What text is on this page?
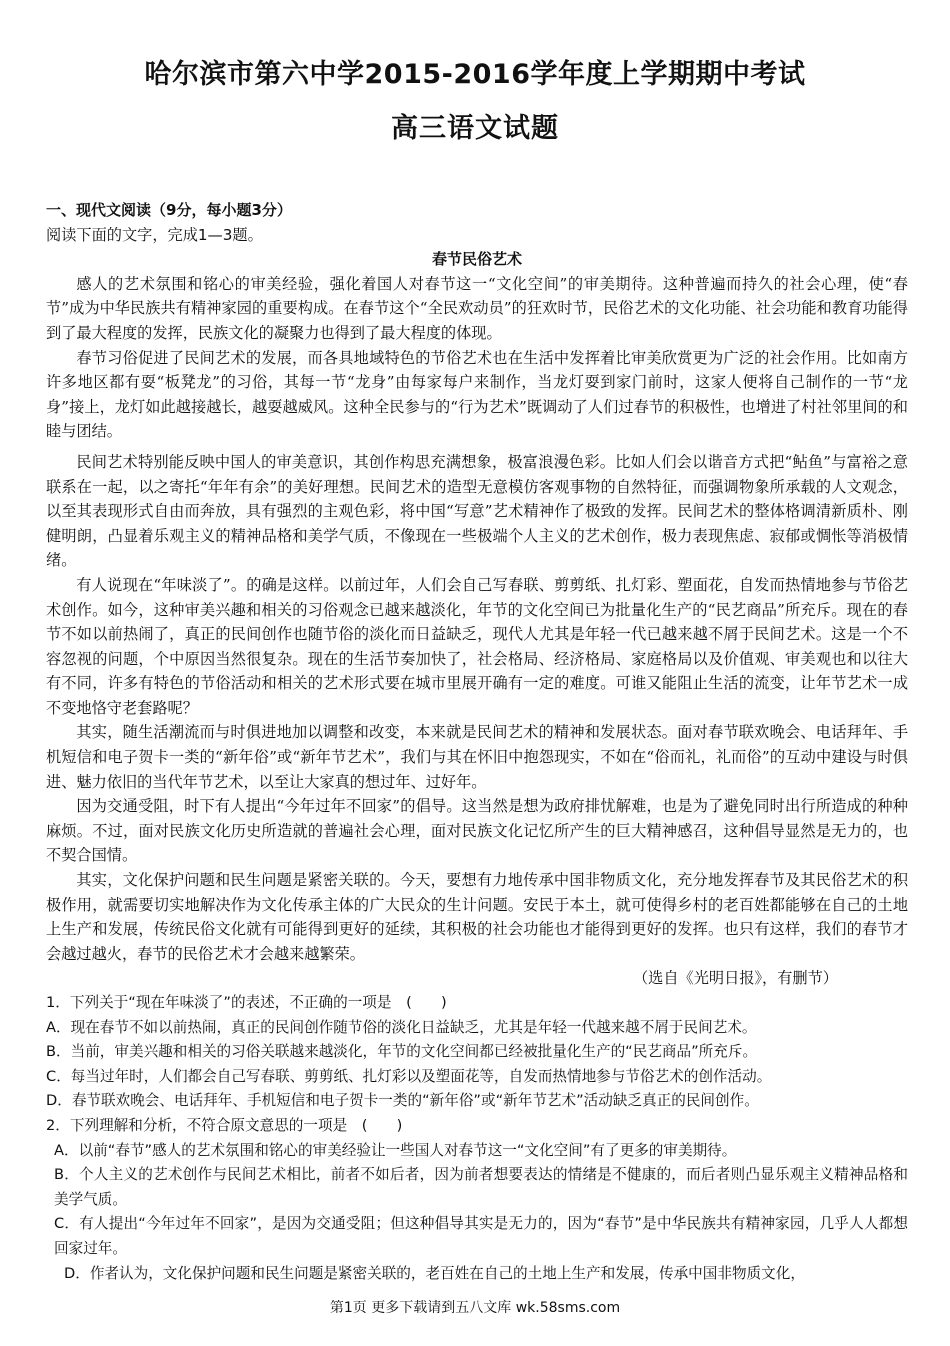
哈尔滨市第六中学2015-2016学年度上学期期中考试
高三语文试题

一、现代文阅读（9分，每小题3分）

阅读下面的文字，完成1—3题。

春节民俗艺术

感人的艺术氛围和铭心的审美经验，强化着国人对春节这一“文化空间”的审美期待。这种普遍而持久的社会心理，使“春节”成为中华民族共有精神家园的重要构成。在春节这个“全民欢动员”的狂欢时节，民俗艺术的文化功能、社会功能和教育功能得到了最大程度的发挥，民族文化的凝聚力也得到了最大程度的体现。

春节习俗促进了民间艺术的发展，而各具地域特色的节俗艺术也在生活中发挥着比审美欣赏更为广泛的社会作用。比如南方许多地区都有耍“板凳龙”的习俗，其每一节“龙身”由每家每户来制作，当龙灯耍到家门前时，这家人便将自己制作的一节“龙身”接上，龙灯如此越接越长，越耍越威风。这种全民参与的“行为艺术”既调动了人们过春节的积极性，也增进了村社邻里间的和睦与团结。

民间艺术特别能反映中国人的审美意识，其创作构思充满想象，极富浪漫色彩。比如人们会以谐音方式把“鲇鱼”与富裕之意联系在一起，以之寄托“年年有余”的美好理想。民间艺术的造型无意模仿客观事物的自然特征，而强调物象所承载的人文观念，以至其表现形式自由而奔放，具有强烈的主观色彩，将中国“写意”艺术精神作了极致的发挥。民间艺术的整体格调清新质朴、刚健明朗，凸显着乐观主义的精神品格和美学气质，不像现在一些极端个人主义的艺术创作，极力表现焦虑、寂郁或惆怅等消极情绪。

有人说现在“年味淡了”。的确是这样。以前过年，人们会自己写春联、剪剪纸、扎灯彩、塑面花，自发而热情地参与节俗艺术创作。如今，这种审美兴趣和相关的习俗观念已越来越淡化，年节的文化空间已为批量化生产的“民艺商品”所充斥。现在的春节不如以前热闹了，真正的民间创作也随节俗的淡化而日益缺乏，现代人尤其是年轻一代已越来越不屑于民间艺术。这是一个不容忽视的问题，个中原因当然很复杂。现在的生活节奏加快了，社会格局、经济格局、家庭格局以及价值观、审美观也和以往大有不同，许多有特色的节俗活动和相关的艺术形式要在城市里展开确有一定的难度。可谁又能阻止生活的流变，让年节艺术一成不变地恪守老套路呢？

其实，随生活潮流而与时俱进地加以调整和改变，本来就是民间艺术的精神和发展状态。面对春节联欢晚会、电话拜年、手机短信和电子贺卡一类的“新年俗”或“新年节艺术”，我们与其在怀旧中抱怨现实，不如在“俗而礼，礼而俗”的互动中建设与时俱进、魅力依旧的当代年节艺术，以至让大家真的想过年、过好年。

因为交通受阻，时下有人提出“今年过年不回家”的倡导。这当然是想为政府排忧解难，也是为了避免同时出行所造成的种种麻烦。不过，面对民族文化历史所造就的普遍社会心理，面对民族文化记忆所产生的巨大精神感召，这种倡导显然是无力的，也不契合国情。

其实，文化保护问题和民生问题是紧密关联的。今天，要想有力地传承中国非物质文化，充分地发挥春节及其民俗艺术的积极作用，就需要切实地解决作为文化传承主体的广大民众的生计问题。安民于本土，就可使得乡村的老百姓都能够在自己的土地上生产和发展，传统民俗文化就有可能得到更好的延续，其积极的社会功能也才能得到更好的发挥。也只有这样，我们的春节才会越过越火，春节的民俗艺术才会越来越繁荣。

（选自《光明日报》，有删节）

1．下列关于“现在年味淡了”的表述，不正确的一项是　(　　)

A．现在春节不如以前热闹，真正的民间创作随节俗的淡化日益缺乏，尤其是年轻一代越来越不屑于民间艺术。

B．当前，审美兴趣和相关的习俗关联越来越淡化，年节的文化空间都已经被批量化生产的“民艺商品”所充斥。

C．每当过年时，人们都会自己写春联、剪剪纸、扎灯彩以及塑面花等，自发而热情地参与节俗艺术的创作活动。

D．春节联欢晚会、电话拜年、手机短信和电子贺卡一类的“新年俗”或“新年节艺术”活动缺乏真正的民间创作。

2．下列理解和分析，不符合原文意思的一项是　(　　)

A．以前“春节”感人的艺术氛围和铭心的审美经验让一些国人对春节这一“文化空间”有了更多的审美期待。

B．个人主义的艺术创作与民间艺术相比，前者不如后者，因为前者想要表达的情绪是不健康的，而后者则凸显乐观主义精神品格和美学气质。

C．有人提出“今年过年不回家”，是因为交通受阻；但这种倡导其实是无力的，因为“春节”是中华民族共有精神家园，几乎人人都想回家过年。

D．作者认为，文化保护问题和民生问题是紧密关联的，老百姓在自己的土地上生产和发展，传承中国非物质文化，

第1页 更多下载请到五八文库 wk.58sms.com
